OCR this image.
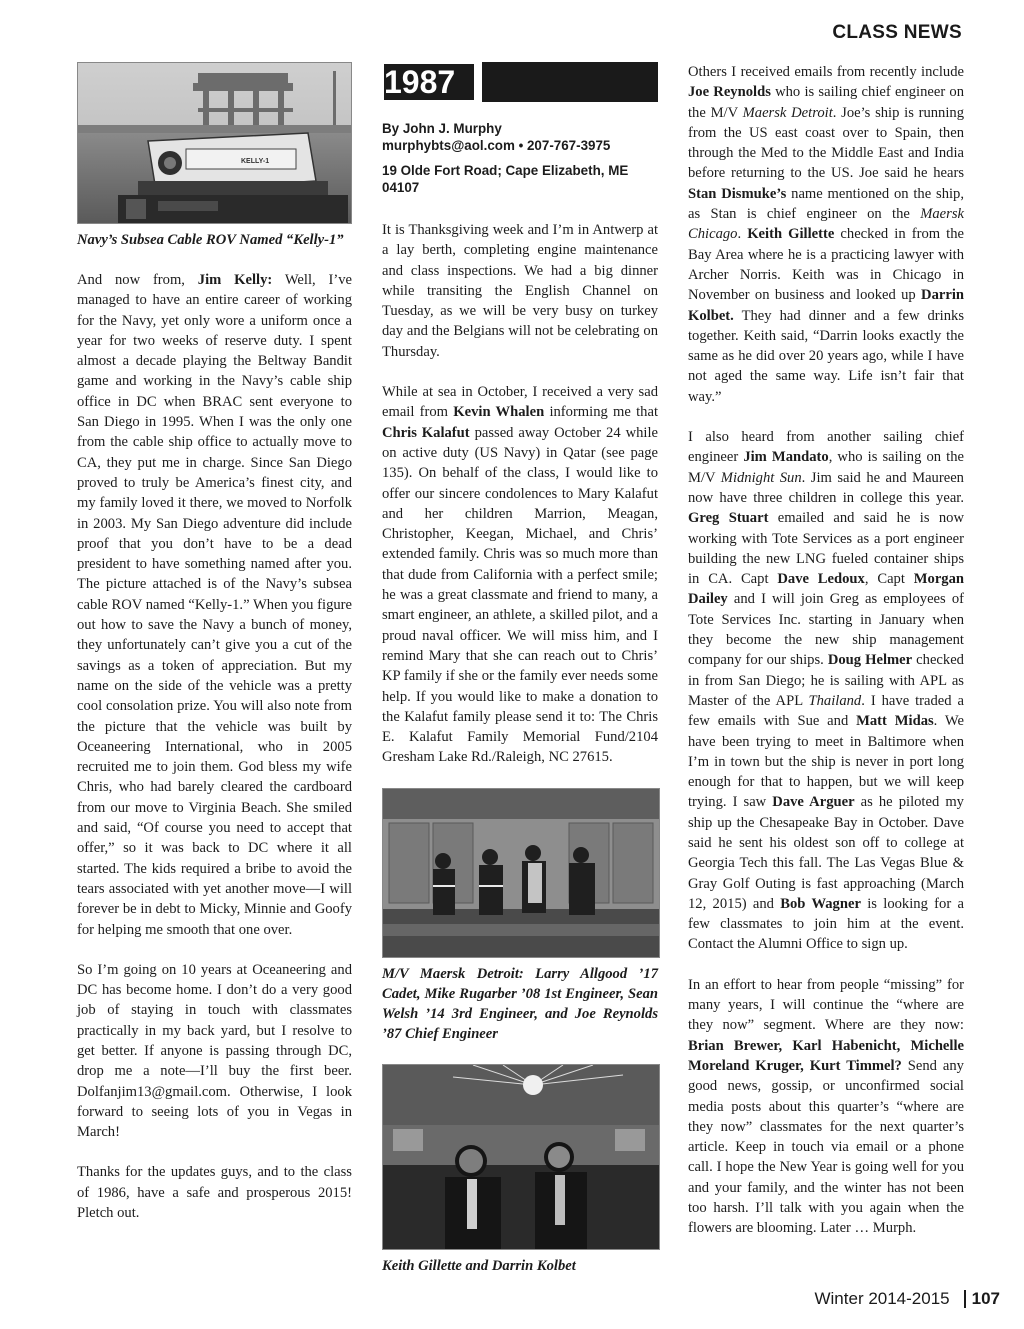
CLASS NEWS
KELLY-1
Navy’s Subsea Cable ROV Named “Kelly-1”

And now from, Jim Kelly: Well, I’ve managed to have an entire career of working for the Navy, yet only wore a uniform once a year for two weeks of reserve duty. I spent almost a decade playing the Beltway Bandit game and working in the Navy’s cable ship office in DC when BRAC sent everyone to San Diego in 1995. When I was the only one from the cable ship office to actually move to CA, they put me in charge. Since San Diego proved to truly be America’s finest city, and my family loved it there, we moved to Norfolk in 2003. My San Diego adventure did include proof that you don’t have to be a dead president to have something named after you. The picture attached is of the Navy’s subsea cable ROV named “Kelly-1.” When you figure out how to save the Navy a bunch of money, they unfortunately can’t give you a cut of the savings as a token of appreciation. But my name on the side of the vehicle was a pretty cool consolation prize. You will also note from the picture that the vehicle was built by Oceaneering International, who in 2005 recruited me to join them. God bless my wife Chris, who had barely cleared the cardboard from our move to Virginia Beach. She smiled and said, “Of course you need to accept that offer,” so it was back to DC where it all started. The kids required a bribe to avoid the tears associated with yet another move—I will forever be in debt to Micky, Minnie and Goofy for helping me smooth that one over.

So I’m going on 10 years at Oceaneering and DC has become home. I don’t do a very good job of staying in touch with classmates practically in my back yard, but I resolve to get better. If anyone is passing through DC, drop me a note—I’ll buy the first beer. Dolfanjim13@gmail.com. Otherwise, I look forward to seeing lots of you in Vegas in March!

Thanks for the updates guys, and to the class of 1986, have a safe and prosperous 2015! Pletch out.

1987
By John J. Murphy
murphybts@aol.com • 207-767-3975
19 Olde Fort Road; Cape Elizabeth, ME 04107

It is Thanksgiving week and I’m in Antwerp at a lay berth, completing engine maintenance and class inspections. We had a big dinner while transiting the English Channel on Tuesday, as we will be very busy on turkey day and the Belgians will not be celebrating on Thursday.

While at sea in October, I received a very sad email from Kevin Whalen informing me that Chris Kalafut passed away October 24 while on active duty (US Navy) in Qatar (see page 135). On behalf of the class, I would like to offer our sincere condolences to Mary Kalafut and her children Marrion, Meagan, Christopher, Keegan, Michael, and Chris’ extended family. Chris was so much more than that dude from California with a perfect smile; he was a great classmate and friend to many, a smart engineer, an athlete, a skilled pilot, and a proud naval officer. We will miss him, and I remind Mary that she can reach out to Chris’ KP family if she or the family ever needs some help. If you would like to make a donation to the Kalafut family please send it to: The Chris E. Kalafut Family Memorial Fund/2104 Gresham Lake Rd./Raleigh, NC 27615.

M/V Maersk Detroit: Larry Allgood ’17 Cadet, Mike Rugarber ’08 1st Engineer, Sean Welsh ’14 3rd Engineer, and Joe Reynolds ’87 Chief Engineer
Keith Gillette and Darrin Kolbet

Others I received emails from recently include Joe Reynolds who is sailing chief engineer on the M/V Maersk Detroit. Joe’s ship is running from the US east coast over to Spain, then through the Med to the Middle East and India before returning to the US. Joe said he hears Stan Dismuke’s name mentioned on the ship, as Stan is chief engineer on the Maersk Chicago. Keith Gillette checked in from the Bay Area where he is a practicing lawyer with Archer Norris. Keith was in Chicago in November on business and looked up Darrin Kolbet. They had dinner and a few drinks together. Keith said, “Darrin looks exactly the same as he did over 20 years ago, while I have not aged the same way. Life isn’t fair that way.”

I also heard from another sailing chief engineer Jim Mandato, who is sailing on the M/V Midnight Sun. Jim said he and Maureen now have three children in college this year. Greg Stuart emailed and said he is now working with Tote Services as a port engineer building the new LNG fueled container ships in CA. Capt Dave Ledoux, Capt Morgan Dailey and I will join Greg as employees of Tote Services Inc. starting in January when they become the new ship management company for our ships. Doug Helmer checked in from San Diego; he is sailing with APL as Master of the APL Thailand. I have traded a few emails with Sue and Matt Midas. We have been trying to meet in Baltimore when I’m in town but the ship is never in port long enough for that to happen, but we will keep trying. I saw Dave Arguer as he piloted my ship up the Chesapeake Bay in October. Dave said he sent his oldest son off to college at Georgia Tech this fall. The Las Vegas Blue & Gray Golf Outing is fast approaching (March 12, 2015) and Bob Wagner is looking for a few classmates to join him at the event. Contact the Alumni Office to sign up.

In an effort to hear from people “missing” for many years, I will continue the “where are they now” segment. Where are they now: Brian Brewer, Karl Habenicht, Michelle Moreland Kruger, Kurt Timmel? Send any good news, gossip, or unconfirmed social media posts about this quarter’s “where are they now” classmates for the next quarter’s article. Keep in touch via email or a phone call. I hope the New Year is going well for you and your family, and the winter has not been too harsh. I’ll talk with you again when the flowers are blooming. Later … Murph.

Winter 2014-2015 107
